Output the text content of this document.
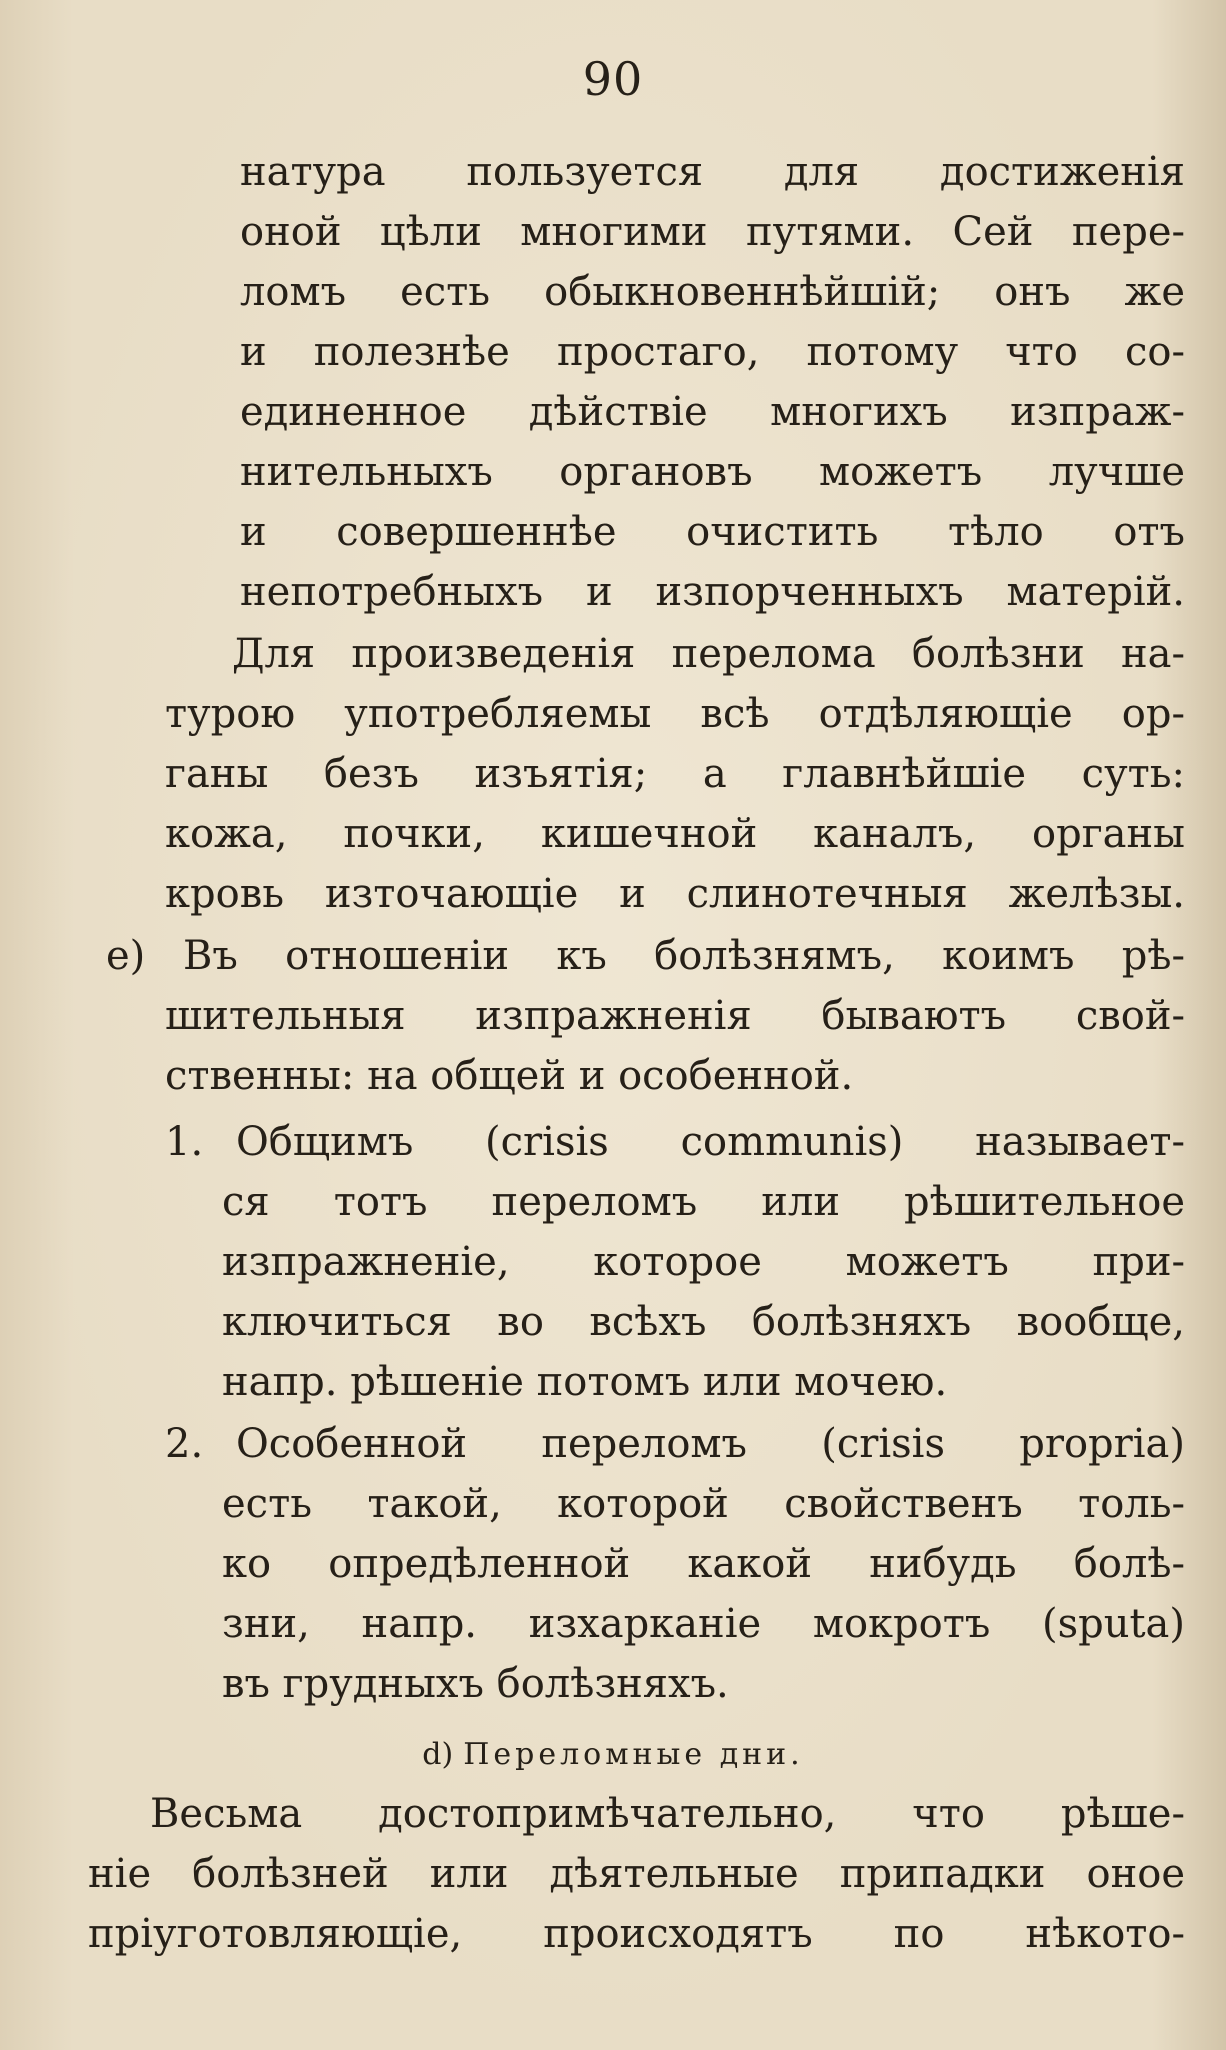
90
натура пользуется для достиженія
оной цѣли многими путями. Сей пере-
ломъ есть обыкновеннѣйшій; онъ же
и полезнѣе простаго, потому что со-
единенное дѣйствіе многихъ изпраж-
нительныхъ органовъ можетъ лучше
и совершеннѣе очистить тѣло отъ
непотребныхъ и изпорченныхъ матерій.
Для произведенія перелома болѣзни на-
турою употребляемы всѣ отдѣляющіе ор-
ганы безъ изъятія; а главнѣйшіе суть:
кожа, почки, кишечной каналъ, органы
кровь източающіе и слинотечныя желѣзы.
e) Въ отношеніи къ болѣзнямъ, коимъ рѣ-
шительныя изпражненія бываютъ свой-
ственны: на общей и особенной.
1. Общимъ (crisis communis) называет-
ся тотъ переломъ или рѣшительное
изпражненіе, которое можетъ при-
ключиться во всѣхъ болѣзняхъ вообще,
напр. рѣшеніе потомъ или мочею.
2. Особенной переломъ (crisis propria)
есть такой, которой свойственъ толь-
ко опредѣленной какой нибудь болѣ-
зни, напр. изхарканіе мокротъ (sputa)
въ грудныхъ болѣзняхъ.
d) Переломные дни.
Весьма достопримѣчательно, что рѣше-
ніе болѣзней или дѣятельные припадки оное
пріуготовляющіе, происходятъ по нѣкото-
